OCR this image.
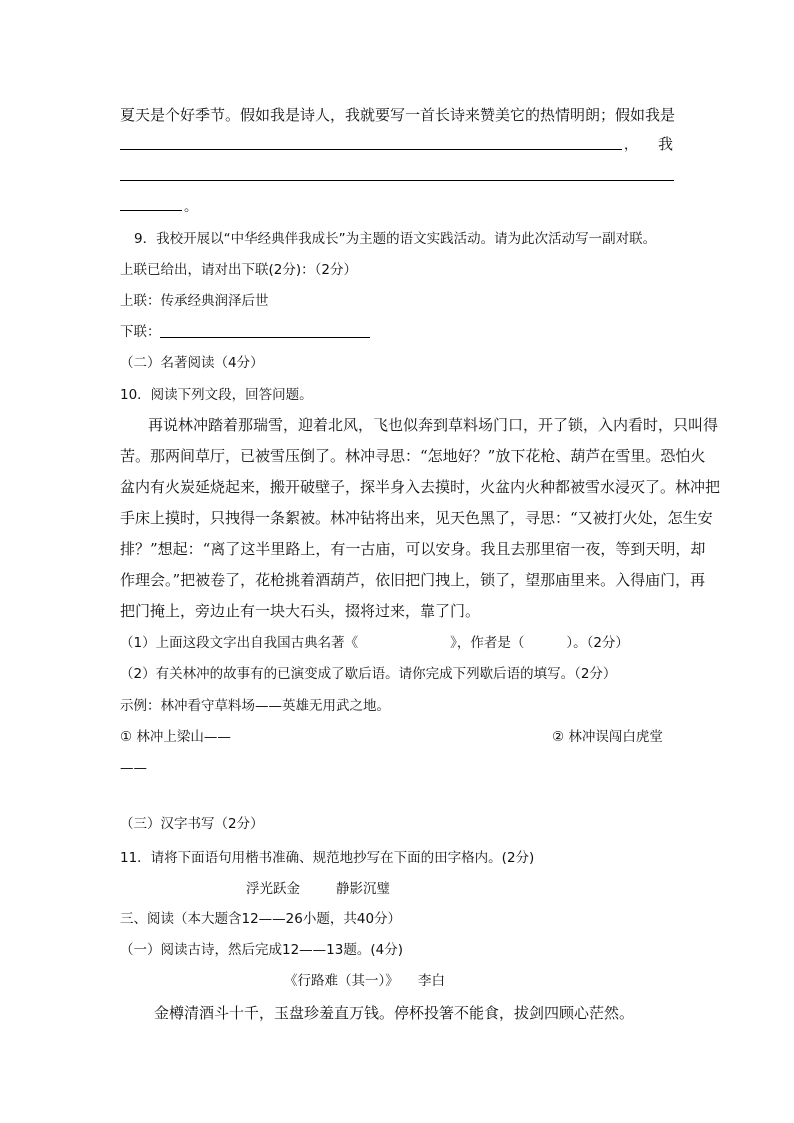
夏天是个好季节。假如我是诗人，我就要写一首长诗来赞美它的热情明朗；假如我是
， 我
。
9．我校开展以“中华经典伴我成长”为主题的语文实践活动。请为此次活动写一副对联。
上联已给出，请对出下联(2分)：（2分）
上联：传承经典润泽后世
下联：
（二）名著阅读（4分）
10．阅读下列文段，回答问题。
再说林冲踏着那瑞雪，迎着北风，飞也似奔到草料场门口，开了锁，入内看时，只叫得
苦。那两间草厅，已被雪压倒了。林冲寻思：“怎地好？”放下花枪、葫芦在雪里。恐怕火
盆内有火炭延烧起来，搬开破壁子，探半身入去摸时，火盆内火种都被雪水浸灭了。林冲把
手床上摸时，只拽得一条絮被。林冲钻将出来，见天色黑了，寻思：“又被打火处，怎生安
排？”想起：“离了这半里路上，有一古庙，可以安身。我且去那里宿一夜，等到天明，却
作理会。”把被卷了，花枪挑着酒葫芦，依旧把门拽上，锁了，望那庙里来。入得庙门，再
把门掩上，旁边止有一块大石头，掇将过来，靠了门。
（1）上面这段文字出自我国古典名著《	》，作者是（	）。（2分）
（2）有关林冲的故事有的已演变成了歇后语。请你完成下列歇后语的填写。（2分）
示例：林冲看守草料场——英雄无用武之地。
① 林冲上梁山——	② 林冲误闯白虎堂
——
（三）汉字书写（2分）
11．请将下面语句用楷书准确、规范地抄写在下面的田字格内。(2分)
浮光跃金	静影沉璧
三、阅读（本大题含12——26小题，共40分）
（一）阅读古诗，然后完成12——13题。(4分)
《行路难（其一）》 李白
金樽清酒斗十千，玉盘珍羞直万钱。停杯投箸不能食，拔剑四顾心茫然。
